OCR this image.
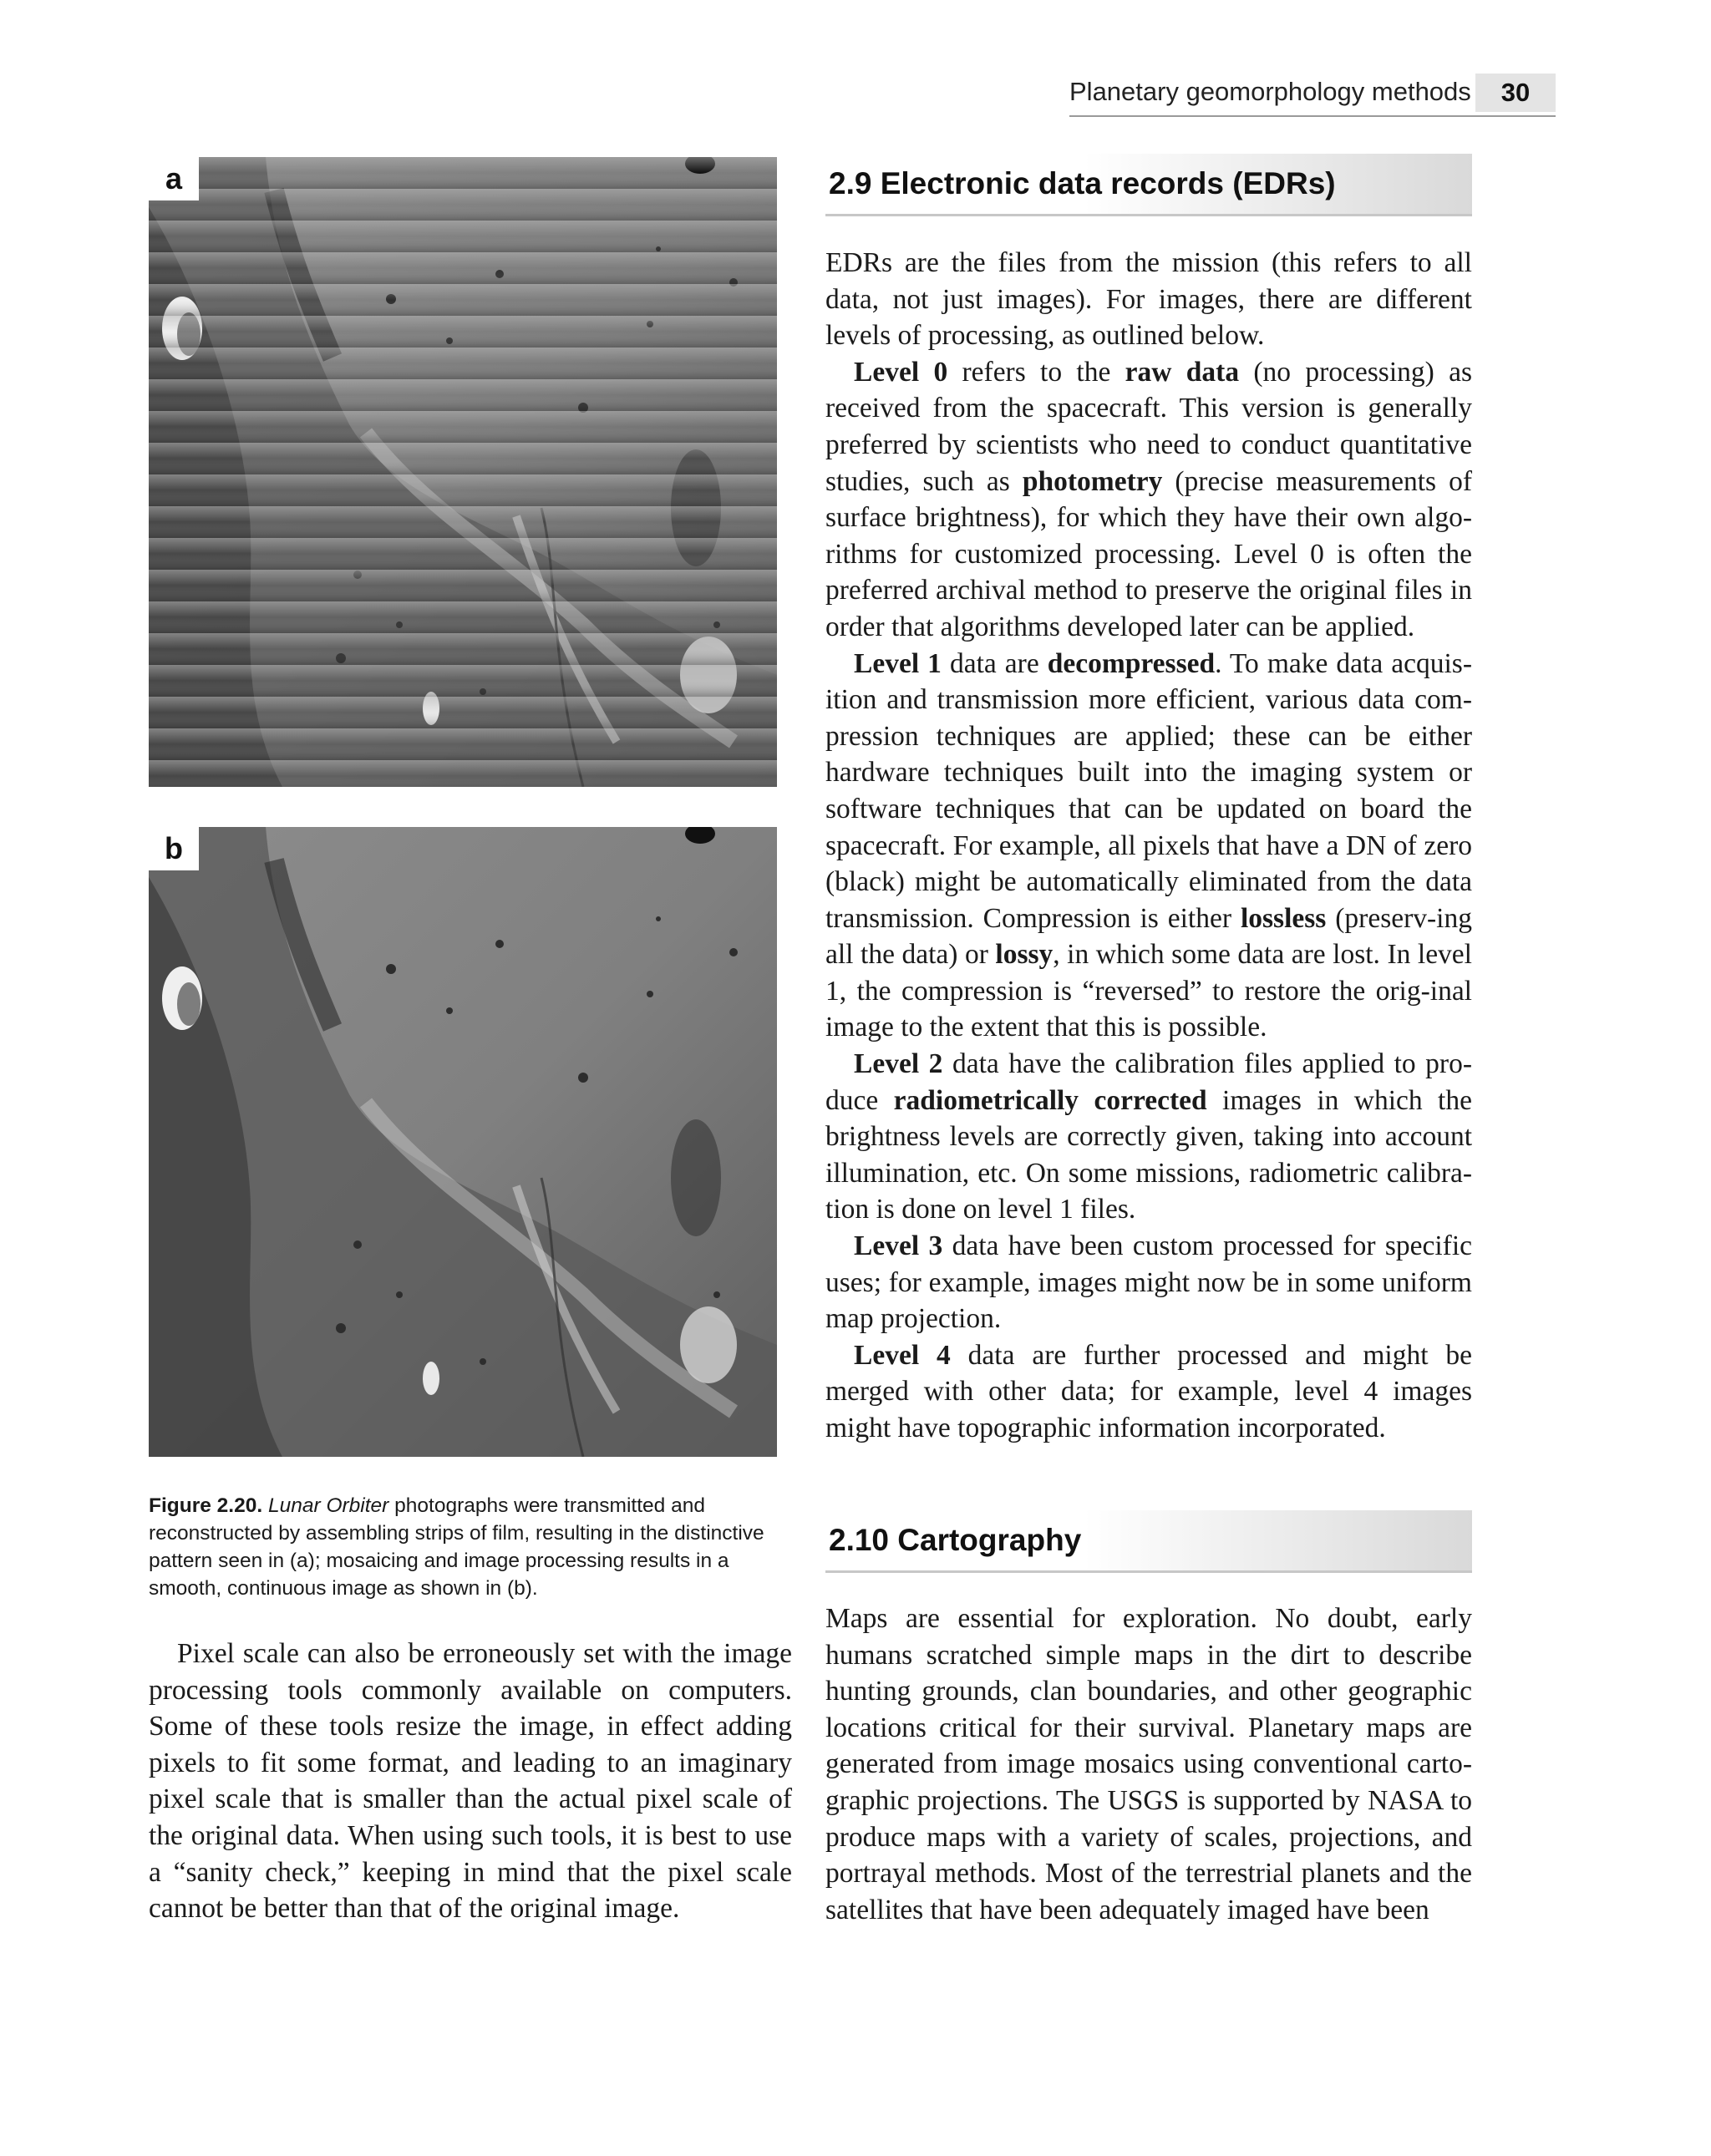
Planetary geomorphology methods	30
a
b
Figure 2.20. Lunar Orbiter photographs were transmitted and reconstructed by assembling strips of film, resulting in the distinctive pattern seen in (a); mosaicing and image processing results in a smooth, continuous image as shown in (b).

Pixel scale can also be erroneously set with the image processing tools commonly available on computers. Some of these tools resize the image, in effect adding pixels to fit some format, and leading to an imaginary pixel scale that is smaller than the actual pixel scale of the original data. When using such tools, it is best to use a “sanity check,” keeping in mind that the pixel scale cannot be better than that of the original image.

2.9 Electronic data records (EDRs)

EDRs are the files from the mission (this refers to all data, not just images). For images, there are different levels of processing, as outlined below.

Level 0 refers to the raw data (no processing) as received from the spacecraft. This version is generally preferred by scientists who need to conduct quantitative studies, such as photometry (precise measurements of surface brightness), for which they have their own algo-rithms for customized processing. Level 0 is often the preferred archival method to preserve the original files in order that algorithms developed later can be applied.

Level 1 data are decompressed. To make data acquis-ition and transmission more efficient, various data com-pression techniques are applied; these can be either hardware techniques built into the imaging system or software techniques that can be updated on board the spacecraft. For example, all pixels that have a DN of zero (black) might be automatically eliminated from the data transmission. Compression is either lossless (preserv-ing all the data) or lossy, in which some data are lost. In level 1, the compression is “reversed” to restore the orig-inal image to the extent that this is possible.

Level 2 data have the calibration files applied to pro-duce radiometrically corrected images in which the brightness levels are correctly given, taking into account illumination, etc. On some missions, radiometric calibra-tion is done on level 1 files.

Level 3 data have been custom processed for specific uses; for example, images might now be in some uniform map projection.

Level 4 data are further processed and might be merged with other data; for example, level 4 images might have topographic information incorporated.

2.10 Cartography

Maps are essential for exploration. No doubt, early humans scratched simple maps in the dirt to describe hunting grounds, clan boundaries, and other geographic locations critical for their survival. Planetary maps are generated from image mosaics using conventional carto-graphic projections. The USGS is supported by NASA to produce maps with a variety of scales, projections, and portrayal methods. Most of the terrestrial planets and the satellites that have been adequately imaged have been
